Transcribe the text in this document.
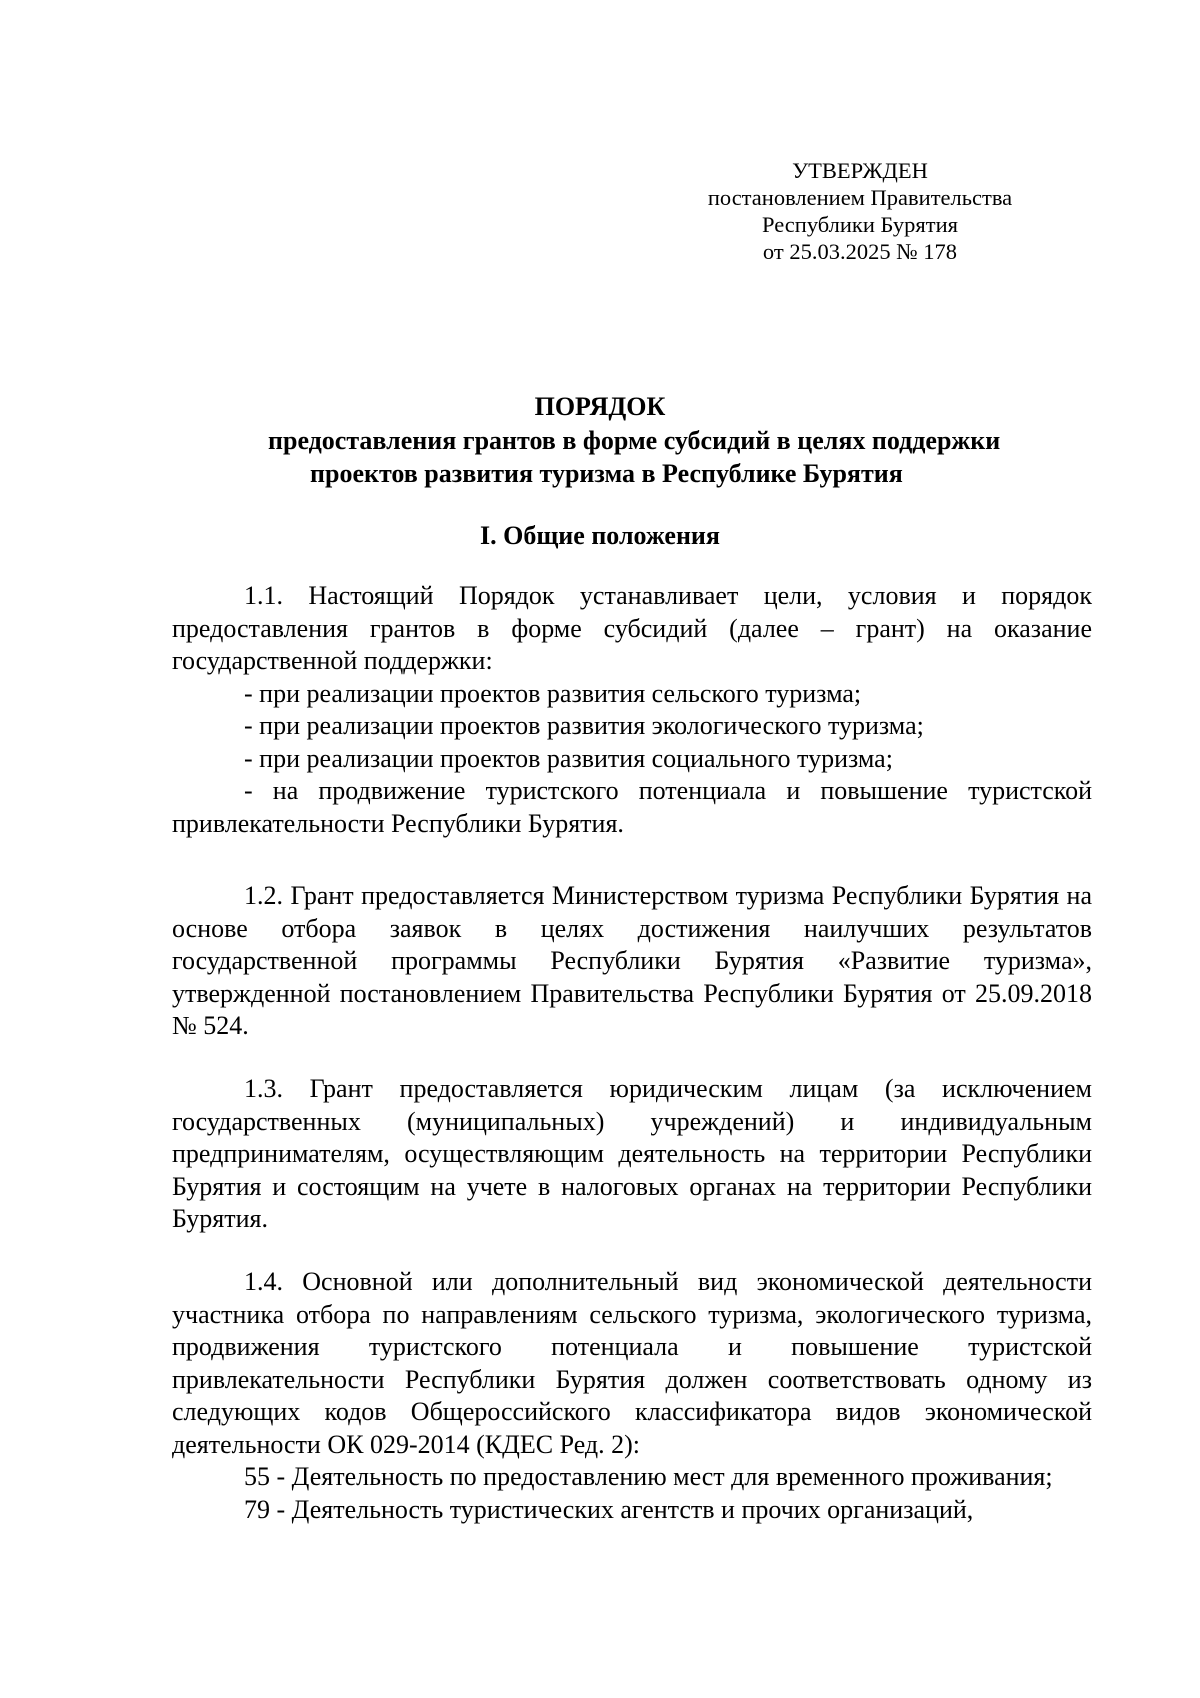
УТВЕРЖДЕН
постановлением Правительства
Республики Бурятия
от 25.03.2025 № 178
ПОРЯДОК
предоставления грантов в форме субсидий в целях поддержки
проектов развития туризма в Республике Бурятия
I. Общие положения

1.1. Настоящий Порядок устанавливает цели, условия и порядок предоставления грантов в форме субсидий (далее – грант) на оказание государственной поддержки:

- при реализации проектов развития сельского туризма;

- при реализации проектов развития экологического туризма;

- при реализации проектов развития социального туризма;

- на продвижение туристского потенциала и повышение туристской привлекательности Республики Бурятия.

1.2. Грант предоставляется Министерством туризма Республики Бурятия на основе отбора заявок в целях достижения наилучших результатов государственной программы Республики Бурятия «Развитие туризма», утвержденной постановлением Правительства Республики Бурятия от 25.09.2018 № 524.

1.3. Грант предоставляется юридическим лицам (за исключением государственных (муниципальных) учреждений) и индивидуальным предпринимателям, осуществляющим деятельность на территории Республики Бурятия и состоящим на учете в налоговых органах на территории Республики Бурятия.

1.4. Основной или дополнительный вид экономической деятельности участника отбора по направлениям сельского туризма, экологического туризма, продвижения туристского потенциала и повышение туристской привлекательности Республики Бурятия должен соответствовать одному из следующих кодов Общероссийского классификатора видов экономической деятельности ОК 029-2014 (КДЕС Ред. 2):

55 - Деятельность по предоставлению мест для временного проживания;

79 - Деятельность туристических агентств и прочих организаций,
